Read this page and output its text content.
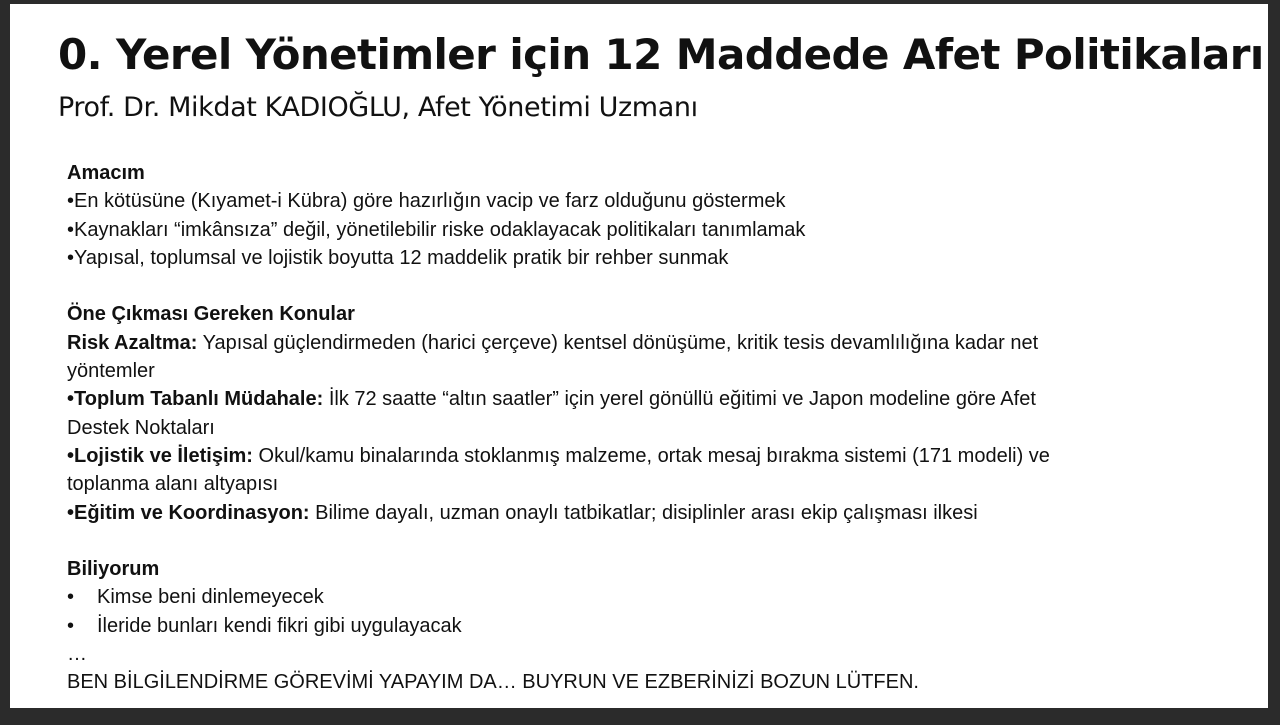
0. Yerel Yönetimler için 12 Maddede Afet Politikaları
Prof. Dr. Mikdat KADIOĞLU, Afet Yönetimi Uzmanı
Amacım
•En kötüsüne (Kıyamet-i Kübra) göre hazırlığın vacip ve farz olduğunu göstermek
•Kaynakları “imkânsıza” değil, yönetilebilir riske odaklayacak politikaları tanımlamak
•Yapısal, toplumsal ve lojistik boyutta 12 maddelik pratik bir rehber sunmak
Öne Çıkması Gereken Konular
Risk Azaltma: Yapısal güçlendirmeden (harici çerçeve) kentsel dönüşüme, kritik tesis devamlılığına kadar net
yöntemler
•Toplum Tabanlı Müdahale: İlk 72 saatte “altın saatler” için yerel gönüllü eğitimi ve Japon modeline göre Afet
Destek Noktaları
•Lojistik ve İletişim: Okul/kamu binalarında stoklanmış malzeme, ortak mesaj bırakma sistemi (171 modeli) ve
toplanma alanı altyapısı
•Eğitim ve Koordinasyon: Bilime dayalı, uzman onaylı tatbikatlar; disiplinler arası ekip çalışması ilkesi
Biliyorum
• Kimse beni dinlemeyecek
• İleride bunları kendi fikri gibi uygulayacak
…
BEN BİLGİLENDİRME GÖREVİMİ YAPAYIM DA… BUYRUN VE EZBERİNİZİ BOZUN LÜTFEN.
